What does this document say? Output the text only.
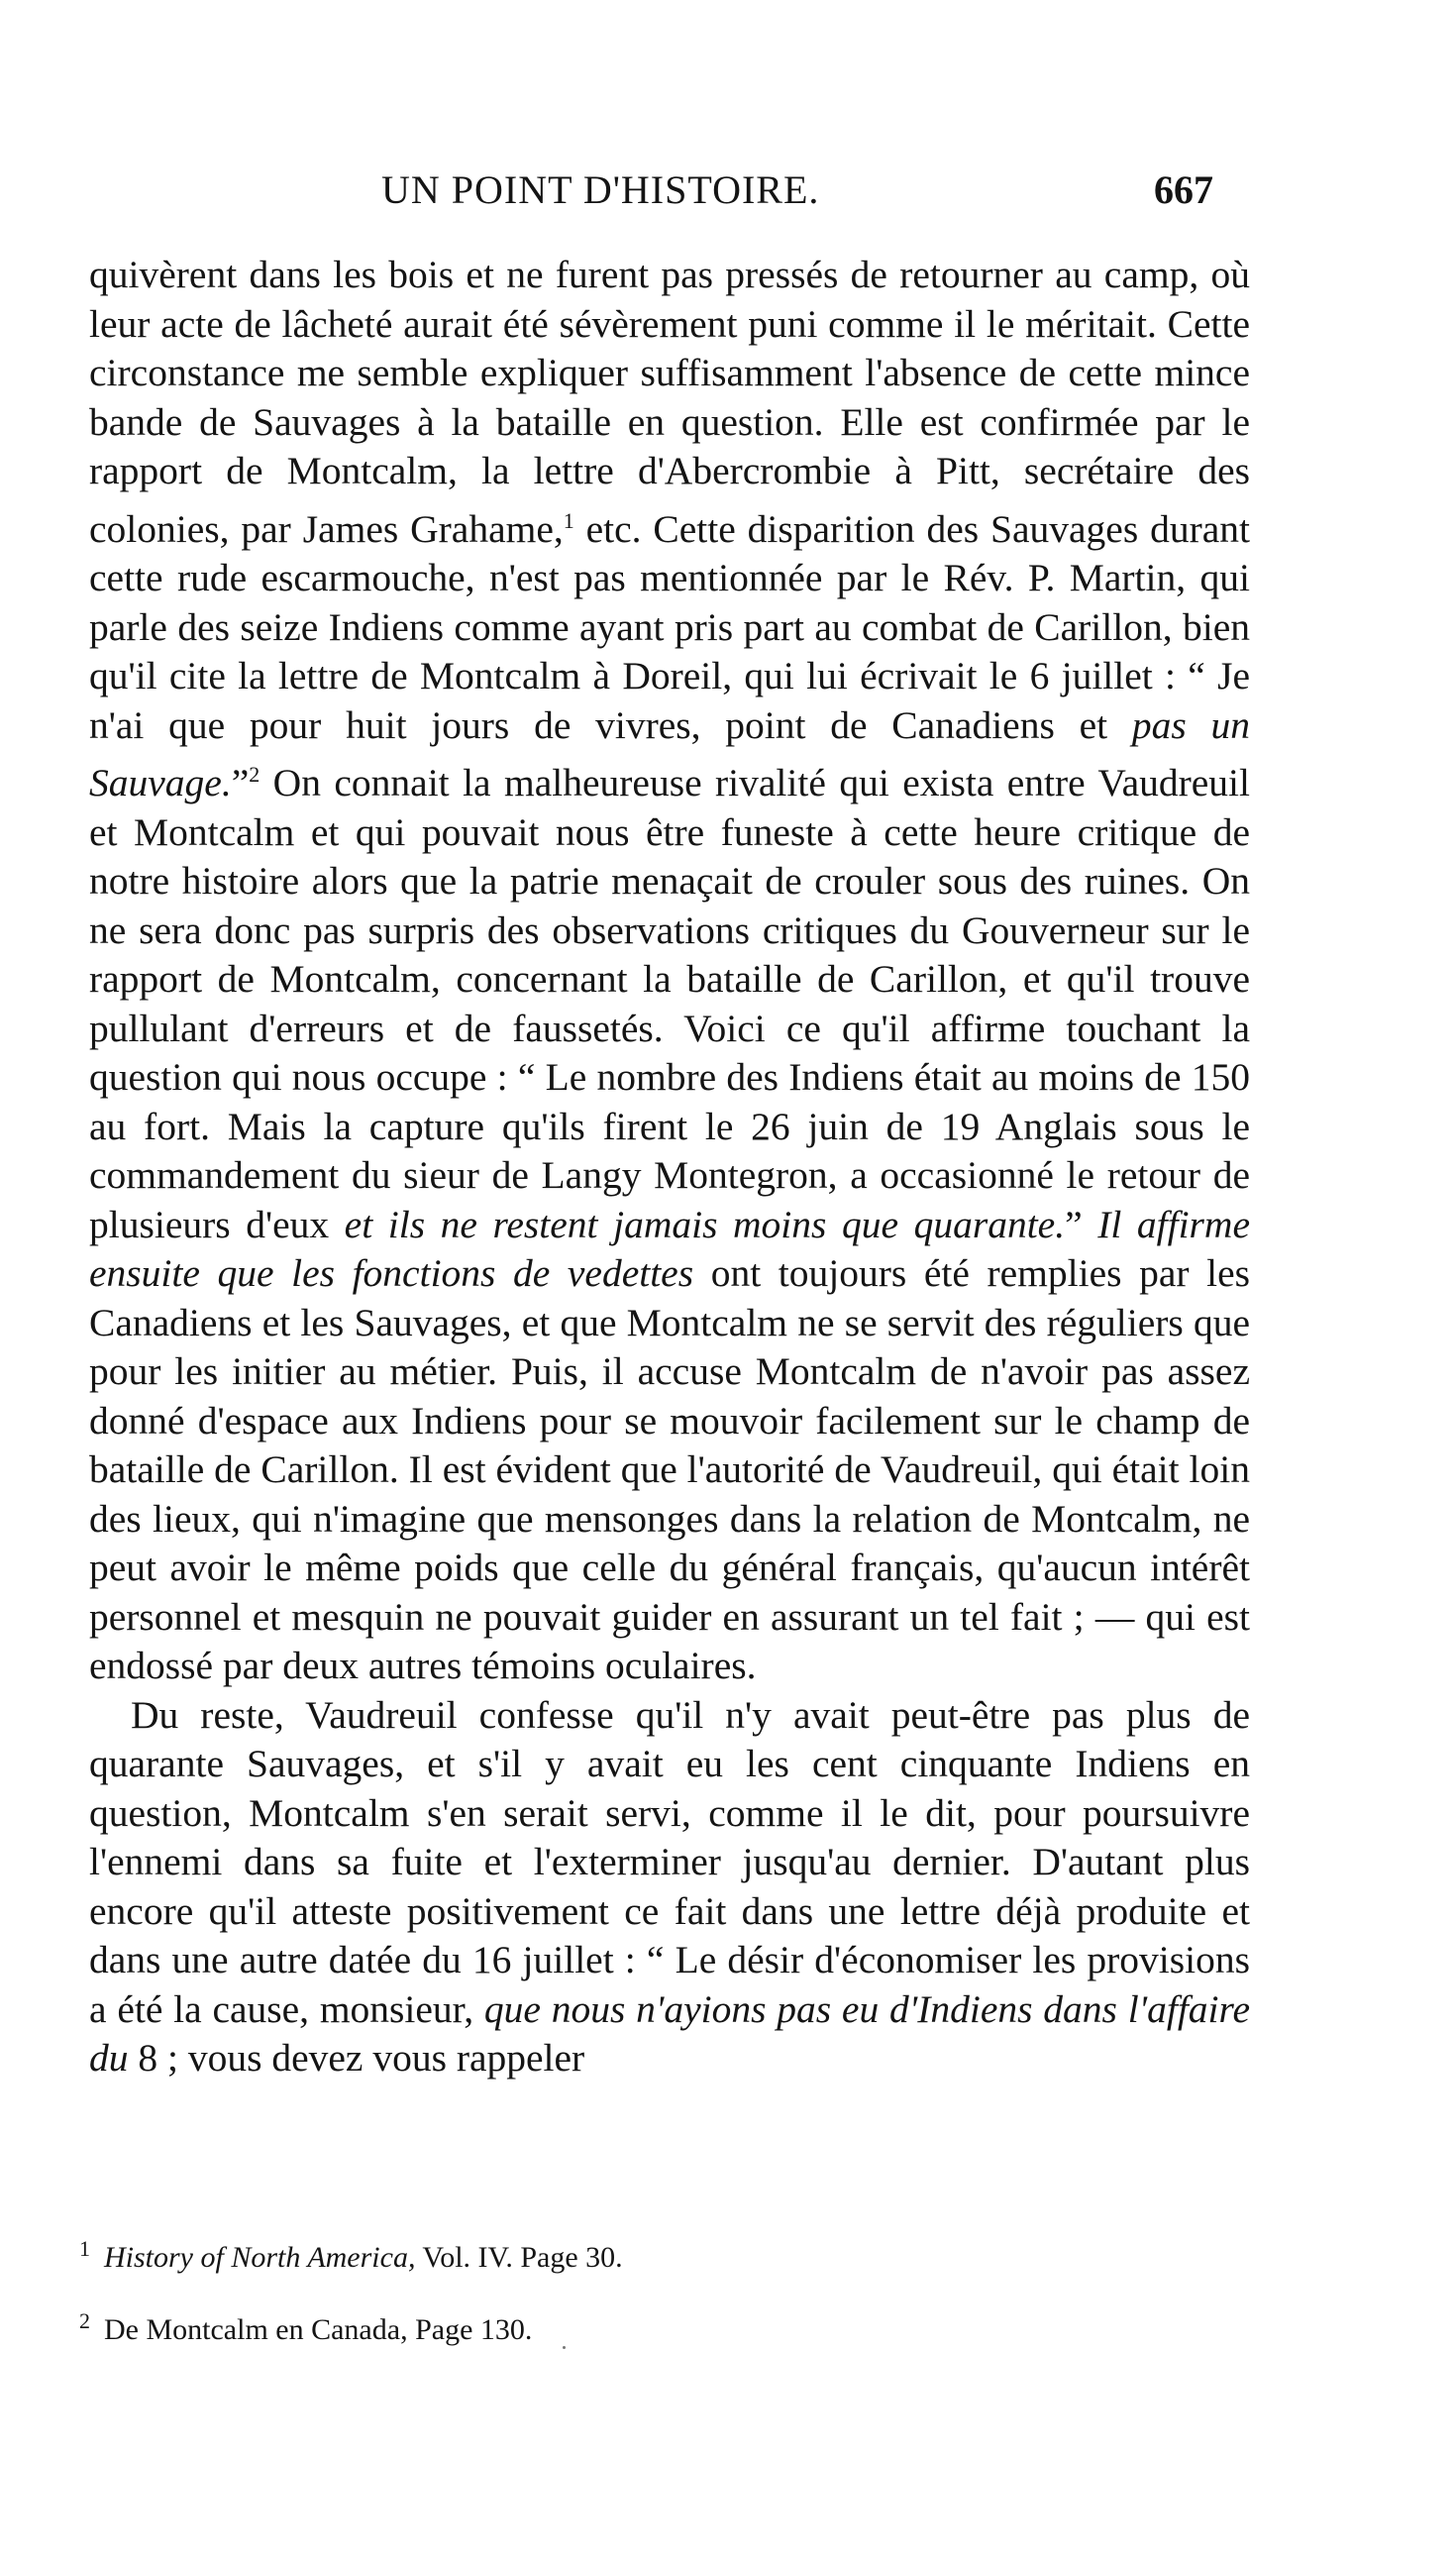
UN POINT D'HISTOIRE.	667

quivèrent dans les bois et ne furent pas pressés de retourner au camp, où leur acte de lâcheté aurait été sévèrement puni comme il le méritait. Cette circonstance me semble expliquer suffisamment l'absence de cette mince bande de Sauvages à la bataille en question. Elle est confirmée par le rapport de Montcalm, la lettre d'Abercrombie à Pitt, secrétaire des colonies, par James Grahame,$^1$ etc. Cette disparition des Sauvages durant cette rude escarmouche, n'est pas mentionnée par le Rév. P. Martin, qui parle des seize Indiens comme ayant pris part au combat de Carillon, bien qu'il cite la lettre de Montcalm à Doreil, qui lui écrivait le 6 juillet : “ Je n'ai que pour huit jours de vivres, point de Canadiens et pas un Sauvage.”$^2$ On connait la malheureuse rivalité qui exista entre Vaudreuil et Montcalm et qui pouvait nous être funeste à cette heure critique de notre histoire alors que la patrie menaçait de crouler sous des ruines. On ne sera donc pas surpris des observations critiques du Gouverneur sur le rapport de Montcalm, concernant la bataille de Carillon, et qu'il trouve pullulant d'erreurs et de faussetés. Voici ce qu'il affirme touchant la question qui nous occupe : “ Le nombre des Indiens était au moins de 150 au fort. Mais la capture qu'ils firent le 26 juin de 19 Anglais sous le commandement du sieur de Langy Montegron, a occasionné le retour de plusieurs d'eux et ils ne restent jamais moins que quarante.” Il affirme ensuite que les fonctions de vedettes ont toujours été remplies par les Canadiens et les Sauvages, et que Montcalm ne se servit des réguliers que pour les initier au métier. Puis, il accuse Montcalm de n'avoir pas assez donné d'espace aux Indiens pour se mouvoir facilement sur le champ de bataille de Carillon. Il est évident que l'autorité de Vaudreuil, qui était loin des lieux, qui n'imagine que mensonges dans la relation de Montcalm, ne peut avoir le même poids que celle du général français, qu'aucun intérêt personnel et mesquin ne pouvait guider en assurant un tel fait ; — qui est endossé par deux autres témoins oculaires.

Du reste, Vaudreuil confesse qu'il n'y avait peut-être pas plus de quarante Sauvages, et s'il y avait eu les cent cinquante Indiens en question, Montcalm s'en serait servi, comme il le dit, pour poursuivre l'ennemi dans sa fuite et l'exterminer jusqu'au dernier. D'autant plus encore qu'il atteste positivement ce fait dans une lettre déjà produite et dans une autre datée du 16 juillet : “ Le désir d'économiser les provisions a été la cause, monsieur, que nous n'ayions pas eu d'Indiens dans l'affaire du 8 ; vous devez vous rappeler

$^1$ History of North America, Vol. IV. Page 30.
$^2$ De Montcalm en Canada, Page 130.
